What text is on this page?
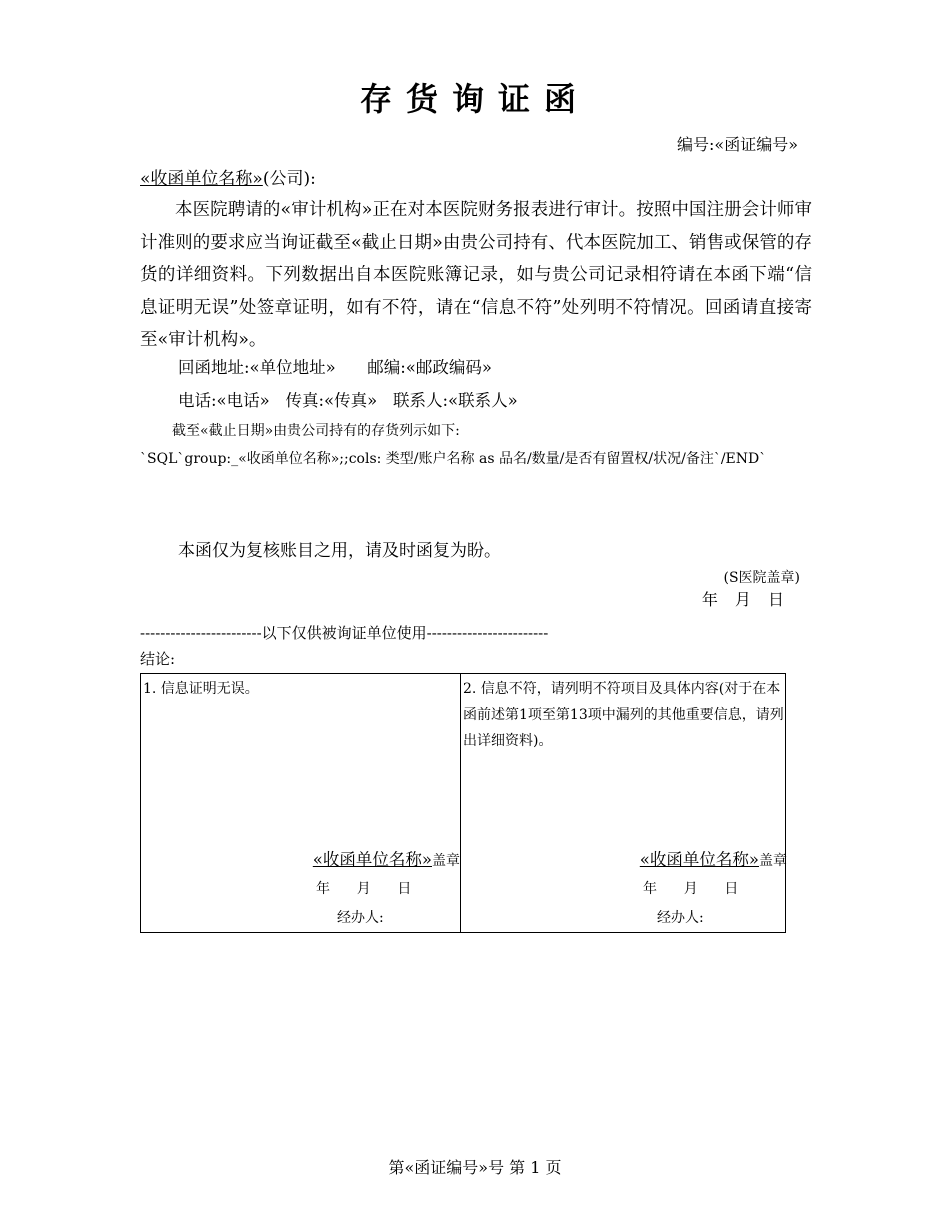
存货询证函
编号:«函证编号»
«收函单位名称»(公司):
本医院聘请的«审计机构»正在对本医院财务报表进行审计。按照中国注册会计师审计准则的要求应当询证截至«截止日期»由贵公司持有、代本医院加工、销售或保管的存货的详细资料。下列数据出自本医院账簿记录，如与贵公司记录相符请在本函下端“信息证明无误”处签章证明，如有不符，请在“信息不符”处列明不符情况。回函请直接寄至«审计机构»。
回函地址:«单位地址»      邮编:«邮政编码»
电话:«电话»   传真:«传真»   联系人:«联系人»
截至«截止日期»由贵公司持有的存货列示如下:
`SQL`group:_«收函单位名称»;;cols: 类型/账户名称 as 品名/数量/是否有留置权/状况/备注`/END`
本函仅为复核账目之用，请及时函复为盼。
(S医院盖章)
年 月 日
------------------------以下仅供被询证单位使用------------------------
结论:
1. 信息证明无误。
«收函单位名称»盖章
年      月      日
经办人:
2. 信息不符，请列明不符项目及具体内容(对于在本函前述第1项至第13项中漏列的其他重要信息，请列出详细资料)。
«收函单位名称»盖章
年      月      日
经办人:
第«函证编号»号 第 1 页
